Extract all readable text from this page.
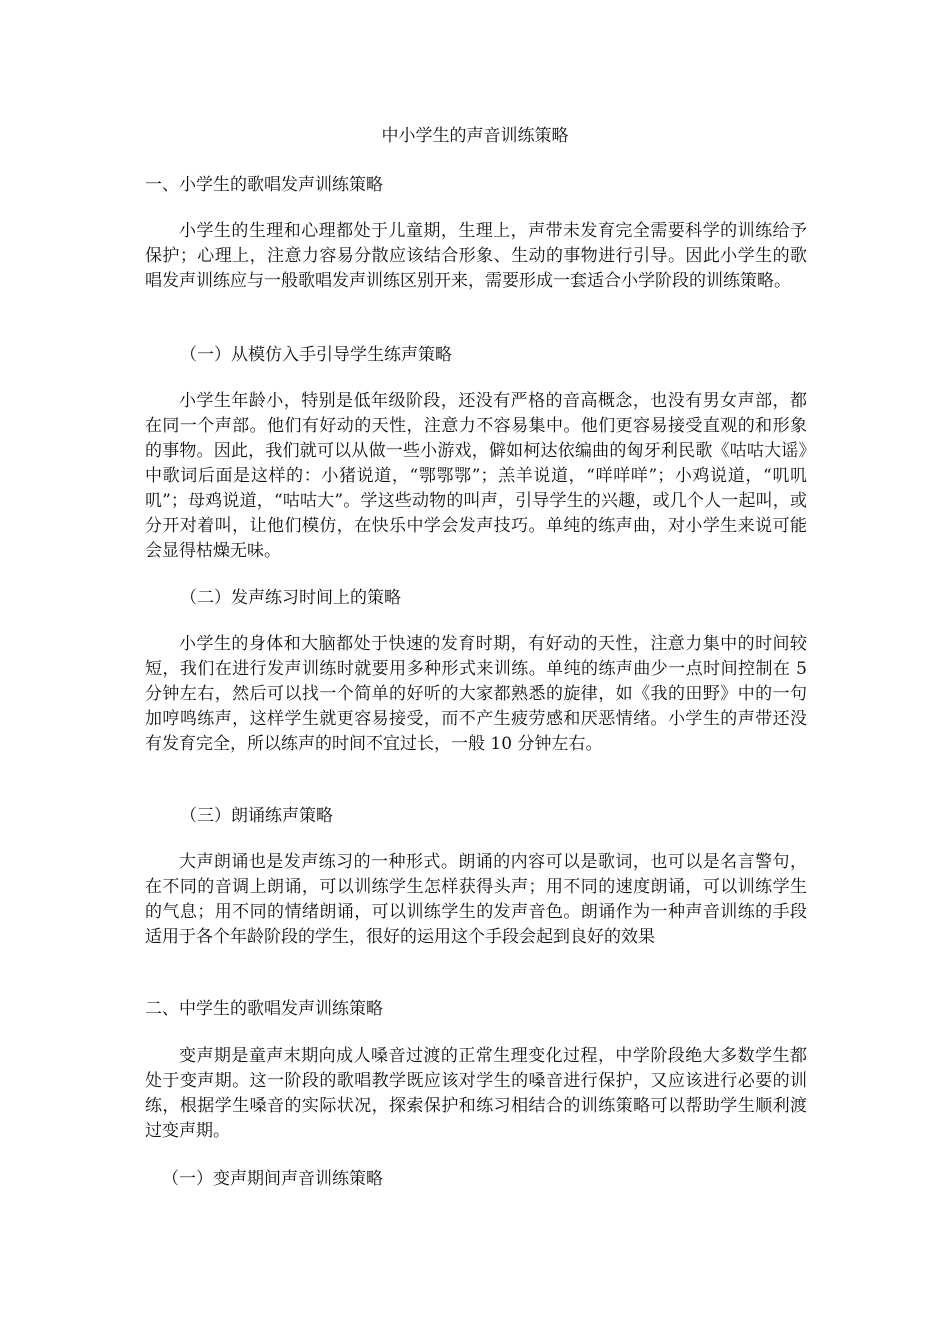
中小学生的声音训练策略
一、小学生的歌唱发声训练策略

小学生的生理和心理都处于儿童期，生理上，声带未发育完全需要科学的训练给予保护；心理上，注意力容易分散应该结合形象、生动的事物进行引导。因此小学生的歌唱发声训练应与一般歌唱发声训练区别开来，需要形成一套适合小学阶段的训练策略。

（一）从模仿入手引导学生练声策略

小学生年龄小，特别是低年级阶段，还没有严格的音高概念，也没有男女声部，都在同一个声部。他们有好动的天性，注意力不容易集中。他们更容易接受直观的和形象的事物。因此，我们就可以从做一些小游戏，僻如柯达依编曲的匈牙利民歌《咕咕大谣》中歌词后面是这样的：小猪说道，“鄂鄂鄂”；羔羊说道，“咩咩咩”；小鸡说道，“叽叽叽”；母鸡说道，“咕咕大”。学这些动物的叫声，引导学生的兴趣，或几个人一起叫，或分开对着叫，让他们模仿，在快乐中学会发声技巧。单纯的练声曲，对小学生来说可能会显得枯燥无味。

（二）发声练习时间上的策略

小学生的身体和大脑都处于快速的发育时期，有好动的天性，注意力集中的时间较短，我们在进行发声训练时就要用多种形式来训练。单纯的练声曲少一点时间控制在 5 分钟左右，然后可以找一个简单的好听的大家都熟悉的旋律，如《我的田野》中的一句加哼鸣练声，这样学生就更容易接受，而不产生疲劳感和厌恶情绪。小学生的声带还没有发育完全，所以练声的时间不宜过长，一般 10 分钟左右。

（三）朗诵练声策略

大声朗诵也是发声练习的一种形式。朗诵的内容可以是歌词，也可以是名言警句，在不同的音调上朗诵，可以训练学生怎样获得头声；用不同的速度朗诵，可以训练学生的气息；用不同的情绪朗诵，可以训练学生的发声音色。朗诵作为一种声音训练的手段适用于各个年龄阶段的学生，很好的运用这个手段会起到良好的效果

二、中学生的歌唱发声训练策略

变声期是童声末期向成人嗓音过渡的正常生理变化过程，中学阶段绝大多数学生都处于变声期。这一阶段的歌唱教学既应该对学生的嗓音进行保护，又应该进行必要的训练，根据学生嗓音的实际状况，探索保护和练习相结合的训练策略可以帮助学生顺利渡过变声期。

（一）变声期间声音训练策略
